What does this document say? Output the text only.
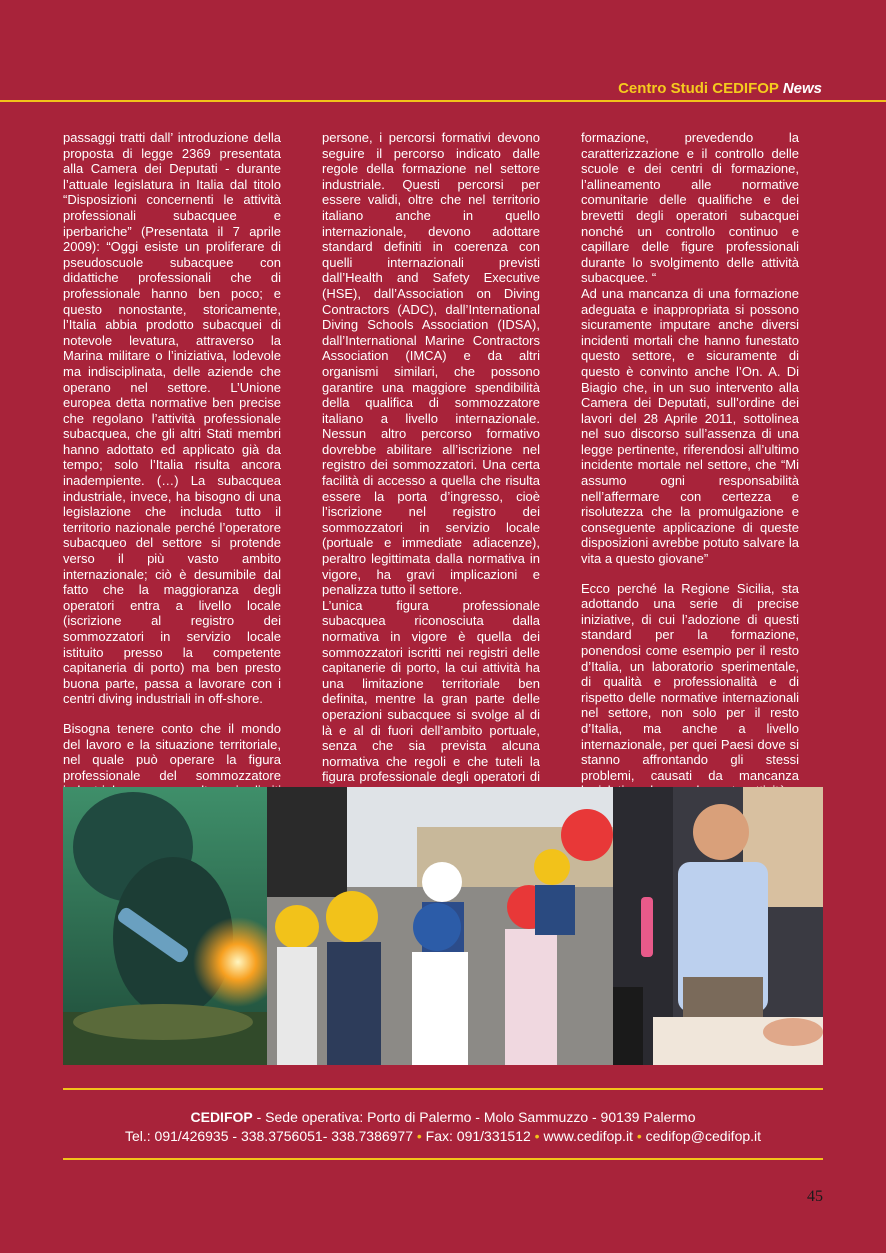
Centro Studi CEDIFOP News

passaggi tratti dall’ introduzione della proposta di legge 2369 presentata alla Camera dei Deputati - durante l’attuale legislatura in Italia dal titolo “Disposizioni concernenti le attività professionali subacquee e iperbariche” (Presentata il 7 aprile 2009): “Oggi esiste un proliferare di pseudoscuole subacquee con didattiche professionali che di professionale hanno ben poco; e questo nonostante, storicamente, l’Italia abbia prodotto subacquei di notevole levatura, attraverso la Marina militare o l’iniziativa, lodevole ma indisciplinata, delle aziende che operano nel settore. L’Unione europea detta normative ben precise che regolano l’attività professionale subacquea, che gli altri Stati membri hanno adottato ed applicato già da tempo; solo l’Italia risulta ancora inadempiente. (…) La subacquea industriale, invece, ha bisogno di una legislazione che includa tutto il territorio nazionale perché l’operatore subacqueo del settore si protende verso il più vasto ambito internazionale; ciò è desumibile dal fatto che la maggioranza degli operatori entra a livello locale (iscrizione al registro dei sommozzatori in servizio locale istituito presso la competente capitaneria di porto) ma ben presto buona parte, passa a lavorare con i centri diving industriali in off-shore.

Bisogna tenere conto che il mondo del lavoro e la situazione territoriale, nel quale può operare la figura professionale del sommozzatore

persone, i percorsi formativi devono seguire il percorso indicato dalle regole della formazione nel settore industriale. Questi percorsi per essere validi, oltre che nel territorio italiano anche in quello internazionale, devono adottare standard definiti in coerenza con quelli internazionali previsti dall’Health and Safety Executive (HSE), dall’Association on Diving Contractors (ADC), dall’International Diving Schools Association (IDSA), dall’International Marine Contractors Association (IMCA) e da altri organismi similari, che possono garantire una maggiore spendibilità della qualifica di sommozzatore italiano a livello internazionale. Nessun altro percorso formativo dovrebbe abilitare all’iscrizione nel registro dei sommozzatori. Una certa facilità di accesso a quella che risulta essere la porta d’ingresso, cioè l’iscrizione nel registro dei sommozzatori in servizio locale (portuale e immediate adiacenze), peraltro legittimata dalla normativa in vigore, ha gravi implicazioni e penalizza tutto il settore.

L’unica figura professionale subacquea riconosciuta dalla normativa in vigore è quella dei sommozzatori iscritti nei registri delle capitanerie di porto, la cui attività ha una limitazione territoriale ben definita, mentre la gran parte delle operazioni subacquee si svolge al di là e al di fuori dell’ambito portuale, senza che sia prevista alcuna normativa che regoli e che tuteli la figura professionale degli operatori di

formazione, prevedendo la caratterizzazione e il controllo delle scuole e dei centri di formazione, l’allineamento alle normative comunitarie delle qualifiche e dei brevetti degli operatori subacquei nonché un controllo continuo e capillare delle figure professionali durante lo svolgimento delle attività subacquee. “

Ad una mancanza di una formazione adeguata e inappropriata si possono sicuramente imputare anche diversi incidenti mortali che hanno funestato questo settore, e sicuramente di questo è convinto anche l’On. A. Di Biagio che, in un suo intervento alla Camera dei Deputati, sull’ordine dei lavori del 28 Aprile 2011, sottolinea nel suo discorso sull’assenza di una legge pertinente, riferendosi all’ultimo incidente mortale nel settore, che “Mi assumo ogni responsabilità nell’affermare con certezza e risolutezza che la promulgazione e conseguente applicazione di queste disposizioni avrebbe potuto salvare la vita a questo giovane”

Ecco perché la Regione Sicilia, sta adottando una serie di precise iniziative, di cui l’adozione di questi standard per la formazione, ponendosi come esempio per il resto d’Italia, un laboratorio sperimentale, di qualità e professionalità e di rispetto delle normative internazionali nel settore, non solo per il resto d’Italia, ma anche a livello internazionale, per quei Paesi dove si stanno affrontando gli stessi problemi, causati da mancanza

CEDIFOP - Sede operativa: Porto di Palermo - Molo Sammuzzo - 90139 Palermo
Tel.: 091/426935 - 338.3756051- 338.7386977 • Fax: 091/331512 • www.cedifop.it • cedifop@cedifop.it
45
